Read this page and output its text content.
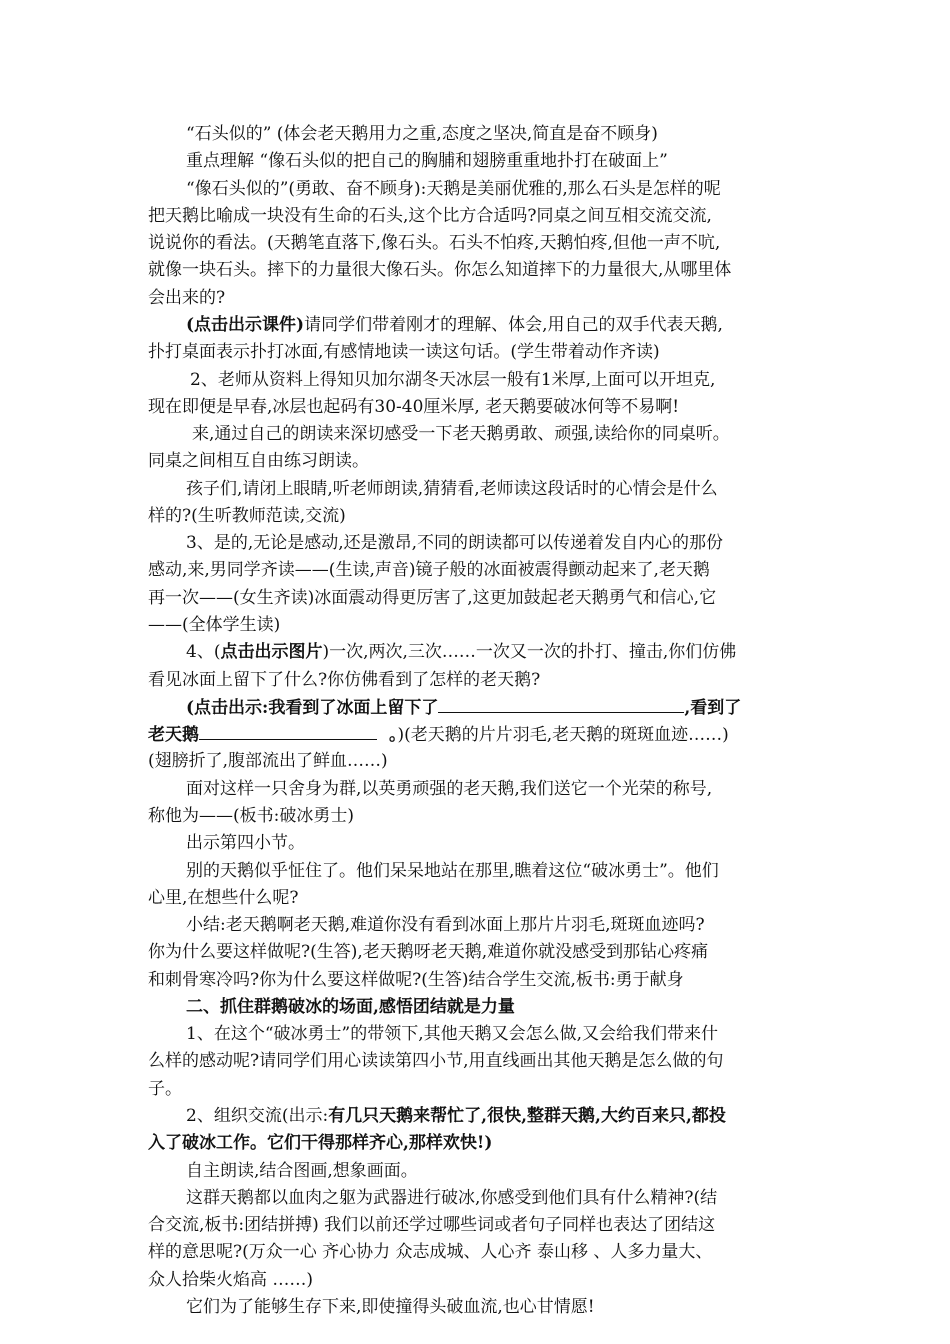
“石头似的” (体会老天鹅用力之重,态度之坚决,简直是奋不顾身)
重点理解 “像石头似的把自己的胸脯和翅膀重重地扑打在破面上”
“像石头似的”(勇敢、奋不顾身):天鹅是美丽优雅的,那么石头是怎样的呢
把天鹅比喻成一块没有生命的石头,这个比方合适吗?同桌之间互相交流交流,
说说你的看法。(天鹅笔直落下,像石头。石头不怕疼,天鹅怕疼,但他一声不吭,
就像一块石头。摔下的力量很大像石头。你怎么知道摔下的力量很大,从哪里体
会出来的?
(点击出示课件)请同学们带着刚才的理解、体会,用自己的双手代表天鹅,
扑打桌面表示扑打冰面,有感情地读一读这句话。(学生带着动作齐读)
2、老师从资料上得知贝加尔湖冬天冰层一般有1米厚,上面可以开坦克,
现在即便是早春,冰层也起码有30-40厘米厚, 老天鹅要破冰何等不易啊!
来,通过自己的朗读来深切感受一下老天鹅勇敢、顽强,读给你的同桌听。
同桌之间相互自由练习朗读。
孩子们,请闭上眼睛,听老师朗读,猜猜看,老师读这段话时的心情会是什么
样的?(生听教师范读,交流)
3、是的,无论是感动,还是激昂,不同的朗读都可以传递着发自内心的那份
感动,来,男同学齐读——(生读,声音)镜子般的冰面被震得颤动起来了,老天鹅
再一次——(女生齐读)冰面震动得更厉害了,这更加鼓起老天鹅勇气和信心,它
——(全体学生读)
4、(点击出示图片)一次,两次,三次……一次又一次的扑打、撞击,你们仿佛
看见冰面上留下了什么?你仿佛看到了怎样的老天鹅?
(点击出示:我看到了冰面上留下了	,看到了
老天鹅	。)(老天鹅的片片羽毛,老天鹅的斑斑血迹……)
(翅膀折了,腹部流出了鲜血……)
面对这样一只舍身为群,以英勇顽强的老天鹅,我们送它一个光荣的称号,
称他为——(板书:破冰勇士)
出示第四小节。
别的天鹅似乎怔住了。他们呆呆地站在那里,瞧着这位“破冰勇士”。他们
心里,在想些什么呢?
小结:老天鹅啊老天鹅,难道你没有看到冰面上那片片羽毛,斑斑血迹吗?
你为什么要这样做呢?(生答),老天鹅呀老天鹅,难道你就没感受到那钻心疼痛
和刺骨寒冷吗?你为什么要这样做呢?(生答)结合学生交流,板书:勇于献身
二、抓住群鹅破冰的场面,感悟团结就是力量
1、在这个“破冰勇士”的带领下,其他天鹅又会怎么做,又会给我们带来什
么样的感动呢?请同学们用心读读第四小节,用直线画出其他天鹅是怎么做的句
子。
2、组织交流(出示:有几只天鹅来帮忙了,很快,整群天鹅,大约百来只,都投
入了破冰工作。它们干得那样齐心,那样欢快!)
自主朗读,结合图画,想象画面。
这群天鹅都以血肉之躯为武器进行破冰,你感受到他们具有什么精神?(结
合交流,板书:团结拼搏) 我们以前还学过哪些词或者句子同样也表达了团结这
样的意思呢?(万众一心 齐心协力 众志成城、人心齐 泰山移 、人多力量大、
众人拾柴火焰高 ……)
它们为了能够生存下来,即使撞得头破血流,也心甘情愿!
